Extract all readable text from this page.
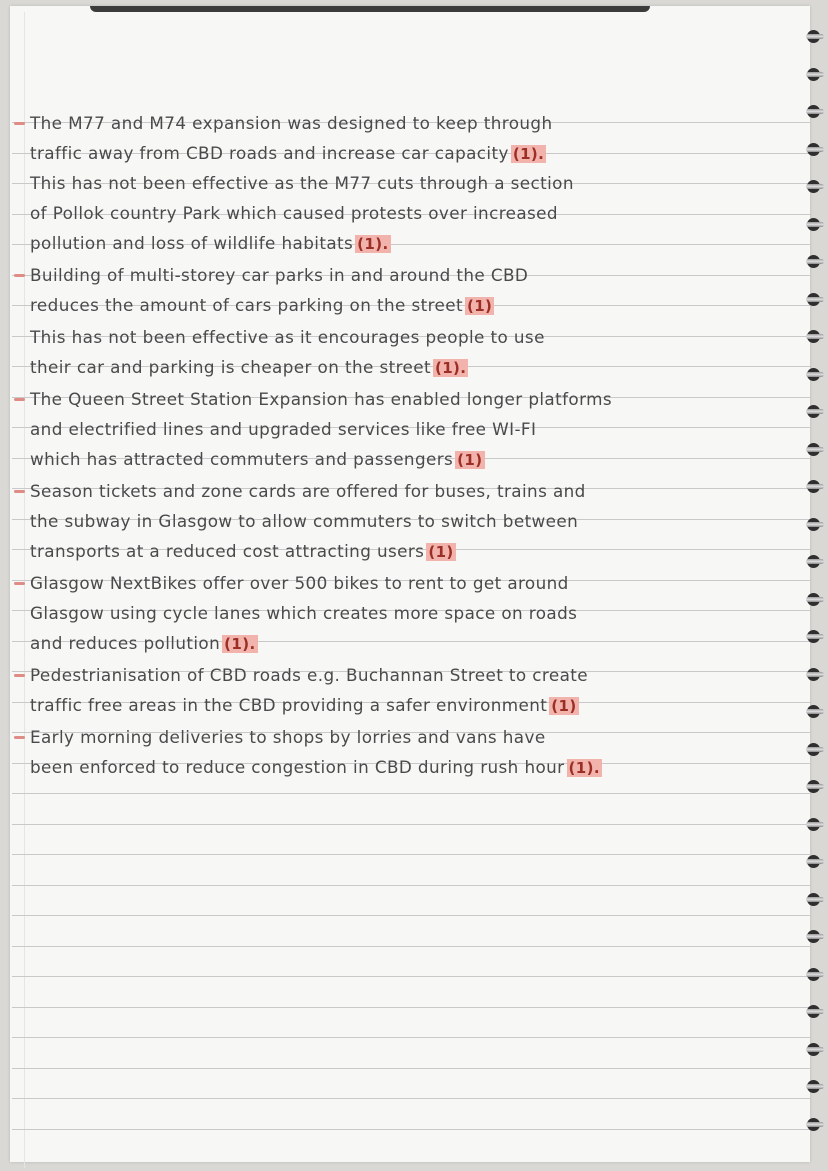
The M77 and M74 expansion was designed to keep through
traffic away from CBD roads and increase car capacity (1).
This has not been effective as the M77 cuts through a section
of Pollok country Park which caused protests over increased
pollution and loss of wildlife habitats (1).
Building of multi-storey car parks in and around the CBD
reduces the amount of cars parking on the street (1)
This has not been effective as it encourages people to use
their car and parking is cheaper on the street (1).
The Queen Street Station Expansion has enabled longer platforms
and electrified lines and upgraded services like free WI-FI
which has attracted commuters and passengers (1)
Season tickets and zone cards are offered for buses, trains and
the subway in Glasgow to allow commuters to switch between
transports at a reduced cost attracting users (1)
Glasgow NextBikes offer over 500 bikes to rent to get around
Glasgow using cycle lanes which creates more space on roads
and reduces pollution (1).
Pedestrianisation of CBD roads e.g. Buchannan Street to create
traffic free areas in the CBD providing a safer environment (1)
Early morning deliveries to shops by lorries and vans have
been enforced to reduce congestion in CBD during rush hour (1).
